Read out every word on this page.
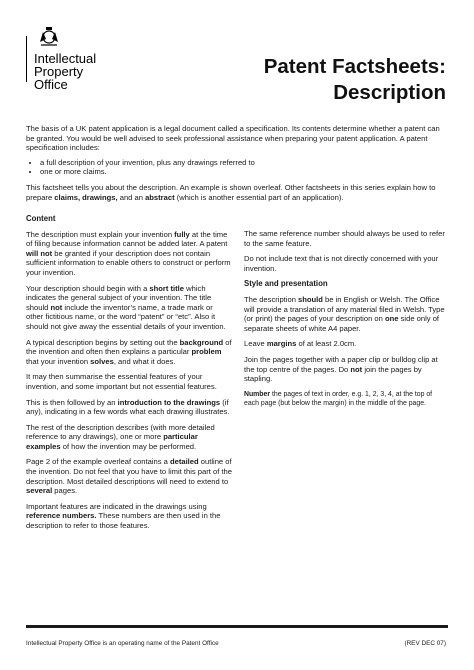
Intellectual
Property
Office
Patent Factsheets:
Description

The basis of a UK patent application is a legal document called a specification. Its contents determine whether a patent can be granted. You would be well advised to seek professional assistance when preparing your patent application. A patent specification includes:

• a full description of your invention, plus any drawings referred to
• one or more claims.

This factsheet tells you about the description. An example is shown overleaf. Other factsheets in this series explain how to prepare claims, drawings, and an abstract (which is another essential part of an application).

Content

The description must explain your invention fully at the time of filing because information cannot be added later. A patent will not be granted if your description does not contain sufficient information to enable others to construct or perform your invention.

Your description should begin with a short title which indicates the general subject of your invention. The title should not include the inventor’s name, a trade mark or other fictitious name, or the word “patent” or “etc”. Also it should not give away the essential details of your invention.

A typical description begins by setting out the background of the invention and often then explains a particular problem that your invention solves, and what it does.

It may then summarise the essential features of your invention, and some important but not essential features.

This is then followed by an introduction to the drawings (if any), indicating in a few words what each drawing illustrates.

The rest of the description describes (with more detailed reference to any drawings), one or more particular examples of how the invention may be performed.

Page 2 of the example overleaf contains a detailed outline of the invention. Do not feel that you have to limit this part of the description. Most detailed descriptions will need to extend to several pages.

Important features are indicated in the drawings using reference numbers. These numbers are then used in the description to refer to those features.

The same reference number should always be used to refer to the same feature.

Do not include text that is not directly concerned with your invention.

Style and presentation

The description should be in English or Welsh. The Office will provide a translation of any material filed in Welsh. Type (or print) the pages of your description on one side only of separate sheets of white A4 paper.

Leave margins of at least 2.0cm.

Join the pages together with a paper clip or bulldog clip at the top centre of the pages. Do not join the pages by stapling.

Number the pages of text in order, e.g. 1, 2, 3, 4, at the top of each page (but below the margin) in the middle of the page.

Intellectual Property Office is an operating name of the Patent Office	(REV DEC 07)
